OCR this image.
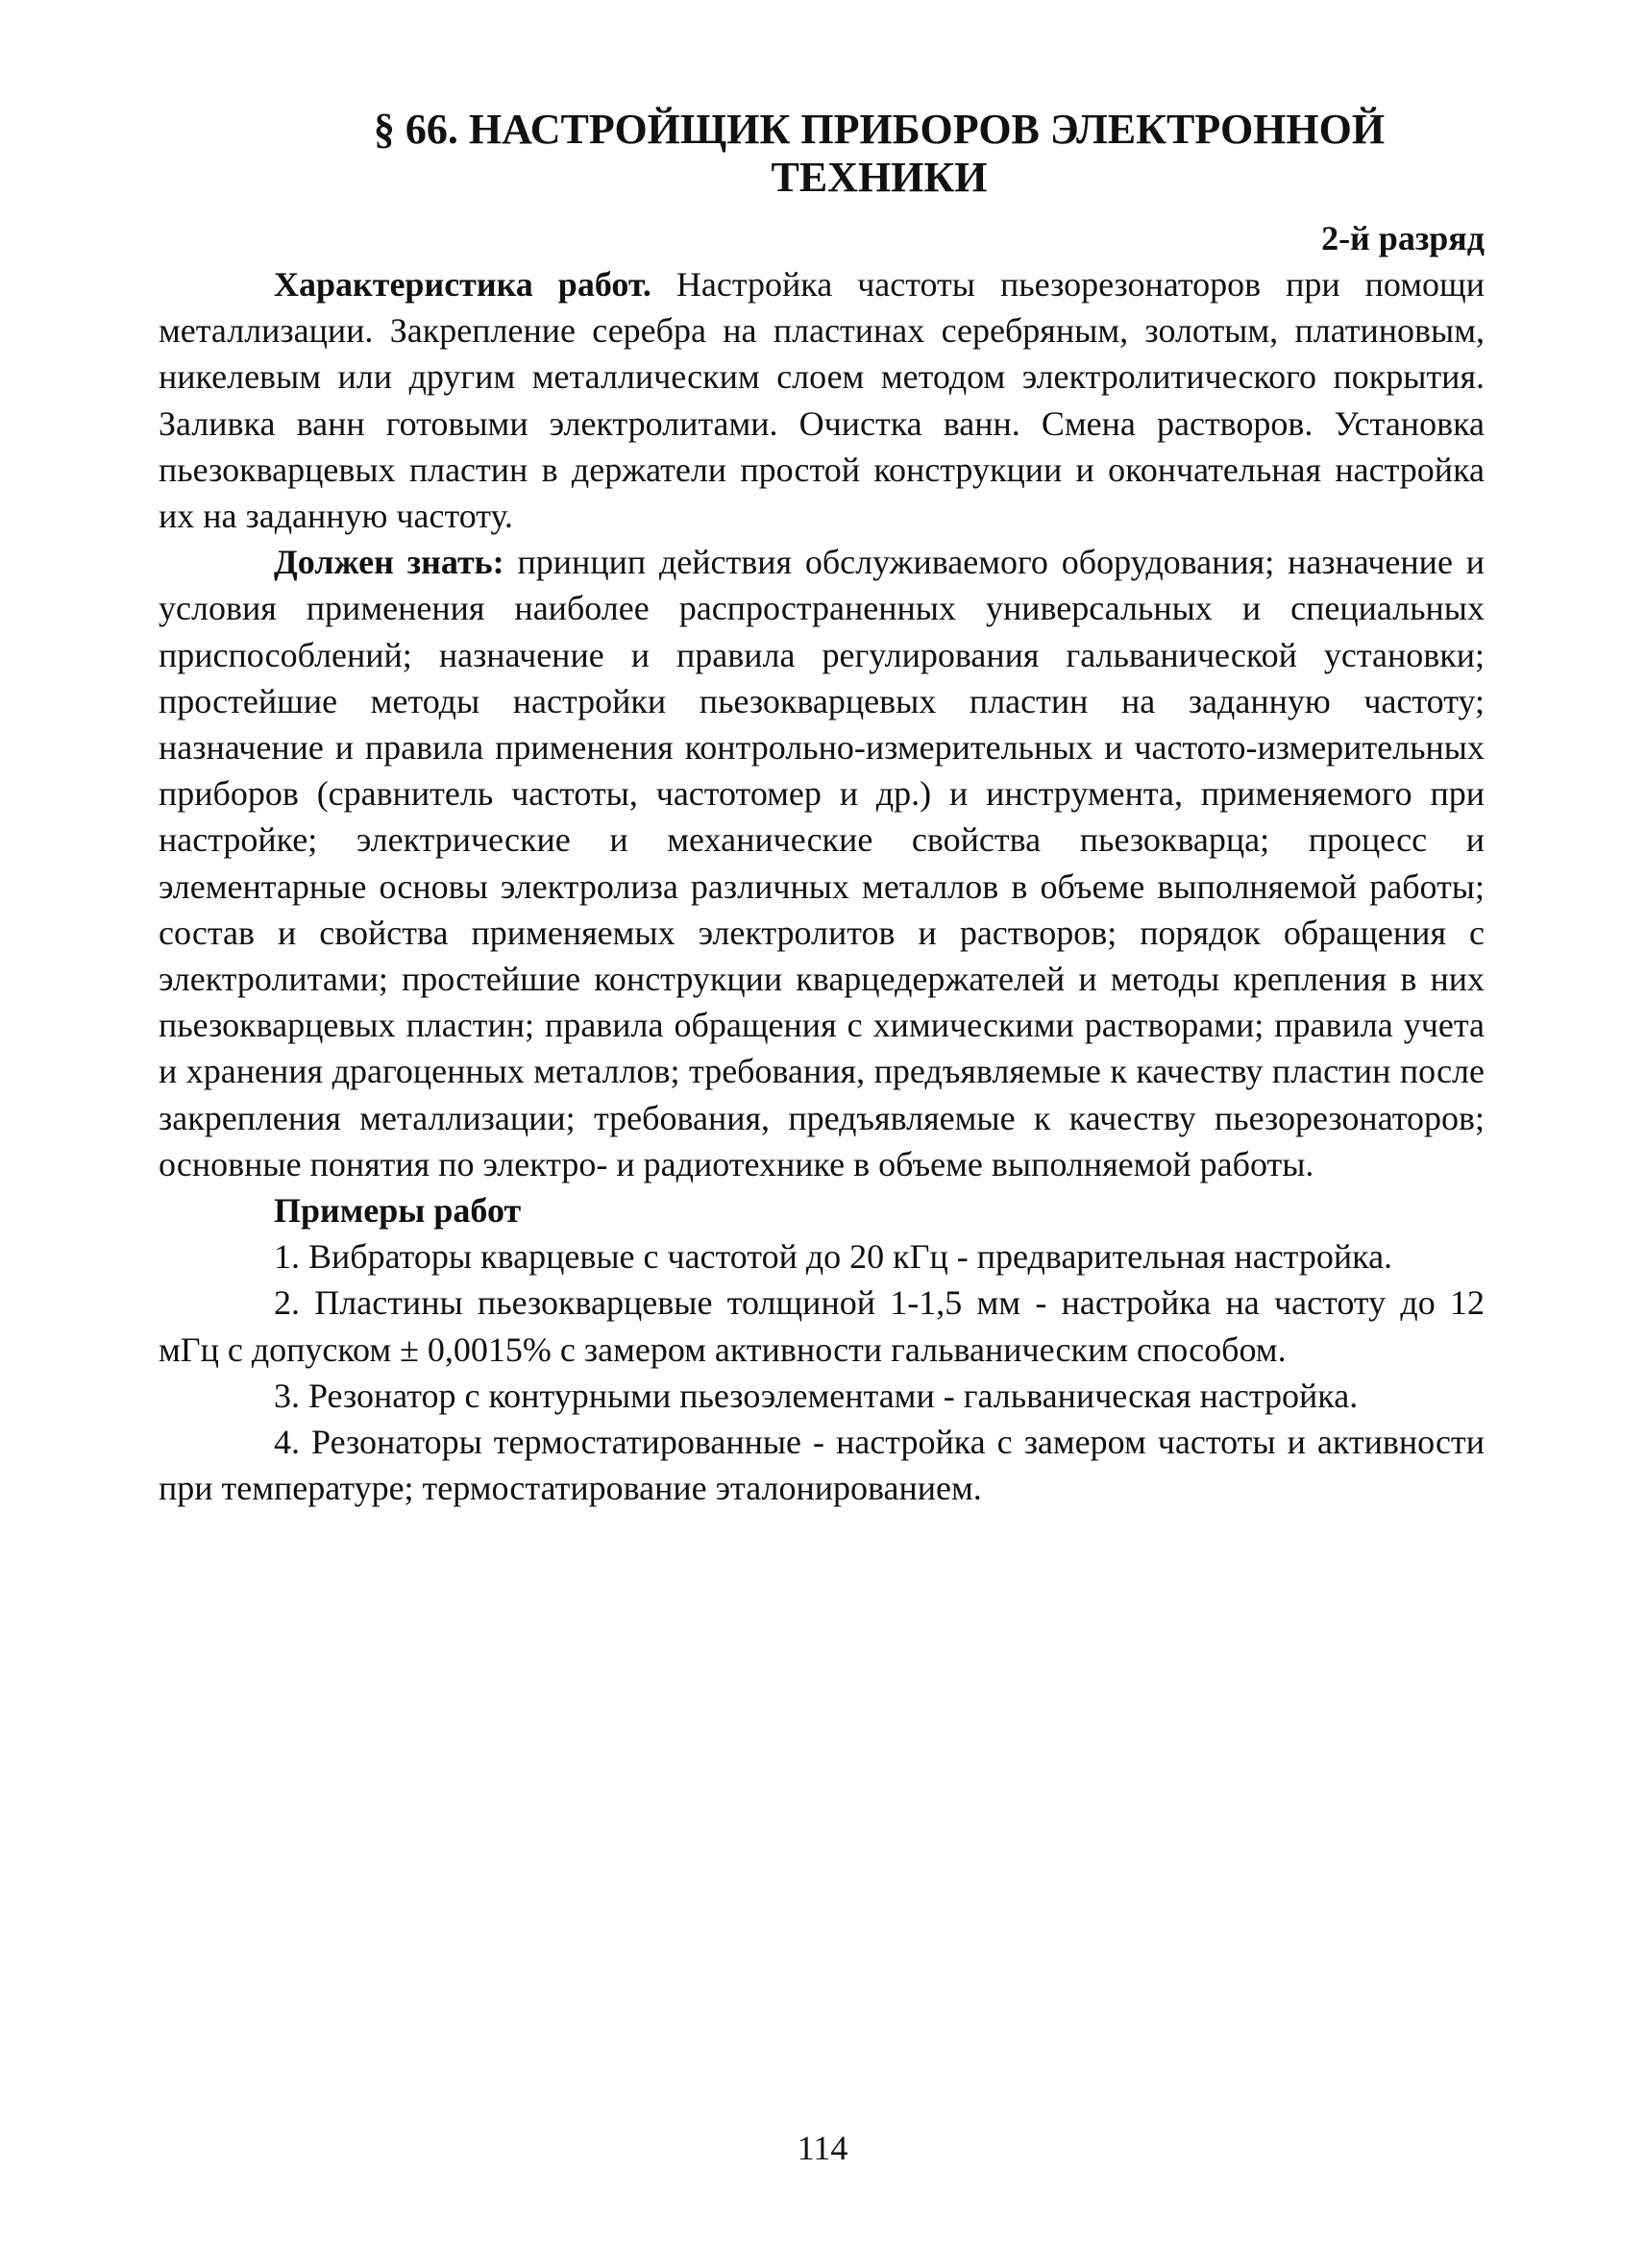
§ 66. НАСТРОЙЩИК ПРИБОРОВ ЭЛЕКТРОННОЙ
ТЕХНИКИ
2-й разряд

Характеристика работ. Настройка частоты пьезорезонаторов при помощи металлизации. Закрепление серебра на пластинах серебряным, золотым, платиновым, никелевым или другим металлическим слоем методом электролитического покрытия. Заливка ванн готовыми электролитами. Очистка ванн. Смена растворов. Установка пьезокварцевых пластин в держатели простой конструкции и окончательная настройка их на заданную частоту.

Должен знать: принцип действия обслуживаемого оборудования; назначение и условия применения наиболее распространенных универсальных и специальных приспособлений; назначение и правила регулирования гальванической установки; простейшие методы настройки пьезокварцевых пластин на заданную частоту; назначение и правила применения контрольно-измерительных и частото-измерительных приборов (сравнитель частоты, частотомер и др.) и инструмента, применяемого при настройке; электрические и механические свойства пьезокварца; процесс и элементарные основы электролиза различных металлов в объеме выполняемой работы; состав и свойства применяемых электролитов и растворов; порядок обращения с электролитами; простейшие конструкции кварцедержателей и методы крепления в них пьезокварцевых пластин; правила обращения с химическими растворами; правила учета и хранения драгоценных металлов; требования, предъявляемые к качеству пластин после закрепления металлизации; требования, предъявляемые к качеству пьезорезонаторов; основные понятия по электро- и радиотехнике в объеме выполняемой работы.

Примеры работ

1. Вибраторы кварцевые с частотой до 20 кГц - предварительная настройка.

2. Пластины пьезокварцевые толщиной 1-1,5 мм - настройка на частоту до 12 мГц с допуском ± 0,0015% с замером активности гальваническим способом.

3. Резонатор с контурными пьезоэлементами - гальваническая настройка.

4. Резонаторы термостатированные - настройка с замером частоты и активности при температуре; термостатирование эталонированием.

114
